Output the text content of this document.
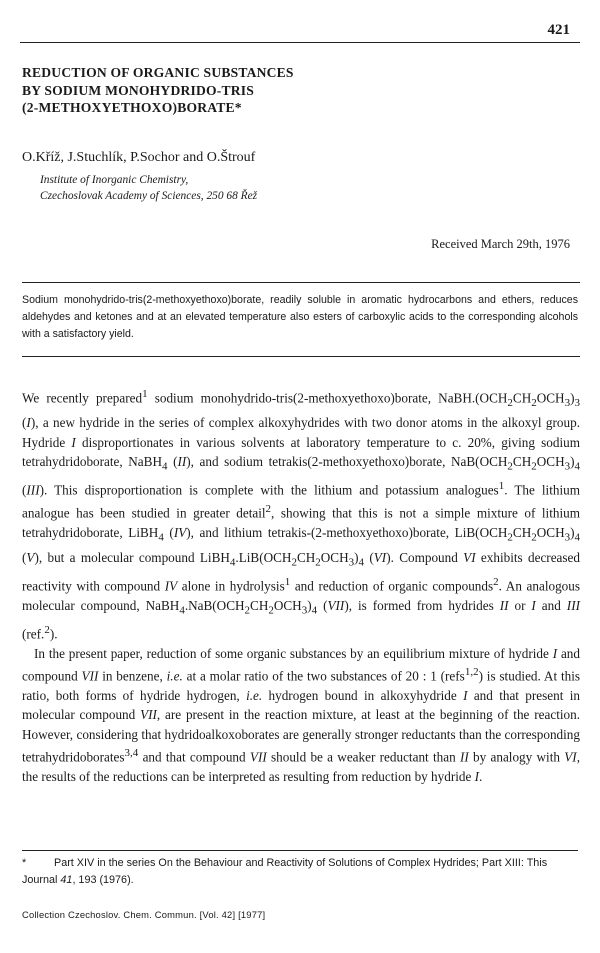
421
REDUCTION OF ORGANIC SUBSTANCES
BY SODIUM MONOHYDRIDO-TRIS
(2-METHOXYETHOXO)BORATE*
O.Kříž, J.Stuchlík, P.Sochor and O.Štrouf
Institute of Inorganic Chemistry,
Czechoslovak Academy of Sciences, 250 68 Řež
Received March 29th, 1976
Sodium monohydrido-tris(2-methoxyethoxo)borate, readily soluble in aromatic hydrocarbons and ethers, reduces aldehydes and ketones and at an elevated temperature also esters of carboxylic acids to the corresponding alcohols with a satisfactory yield.

We recently prepared$^1$ sodium monohydrido-tris(2-methoxyethoxo)borate, $NaBH.(OCH_2CH_2OCH_3)_3$ (I), a new hydride in the series of complex alkoxyhydrides with two donor atoms in the alkoxyl group. Hydride I disproportionates in various solvents at laboratory temperature to c. 20%, giving sodium tetrahydridoborate, NaBH$_4$ (II), and sodium tetrakis(2-methoxyethoxo)borate, $NaB(OCH_2CH_2OCH_3)_4$ (III). This disproportionation is complete with the lithium and potassium analogues$^1$. The lithium analogue has been studied in greater detail$^2$, showing that this is not a simple mixture of lithium tetrahydridoborate, LiBH$_4$ (IV), and lithium tetrakis-(2-methoxyethoxo)borate, $LiB(OCH_2CH_2OCH_3)_4$ (V), but a molecular compound $LiBH_4.LiB(OCH_2CH_2OCH_3)_4$ (VI). Compound VI exhibits decreased reactivity with compound IV alone in hydrolysis$^1$ and reduction of organic compounds$^2$. An analogous molecular compound, $NaBH_4.NaB(OCH_2CH_2OCH_3)_4$ (VII), is formed from hydrides II or I and III (ref.$^2$).

In the present paper, reduction of some organic substances by an equilibrium mixture of hydride I and compound VII in benzene, i.e. at a molar ratio of the two substances of 20 : 1 (refs$^{1,2}$) is studied. At this ratio, both forms of hydride hydrogen, i.e. hydrogen bound in alkoxyhydride I and that present in molecular compound VII, are present in the reaction mixture, at least at the beginning of the reaction. However, considering that hydridoalkoxoborates are generally stronger reductants than the corresponding tetrahydridoborates$^{3,4}$ and that compound VII should be a weaker reductant than II by analogy with VI, the results of the reductions can be interpreted as resulting from reduction by hydride I.

*	Part XIV in the series On the Behaviour and Reactivity of Solutions of Complex Hydrides; Part XIII: This Journal 41, 193 (1976).
Collection Czechoslov. Chem. Commun. [Vol. 42] [1977]
